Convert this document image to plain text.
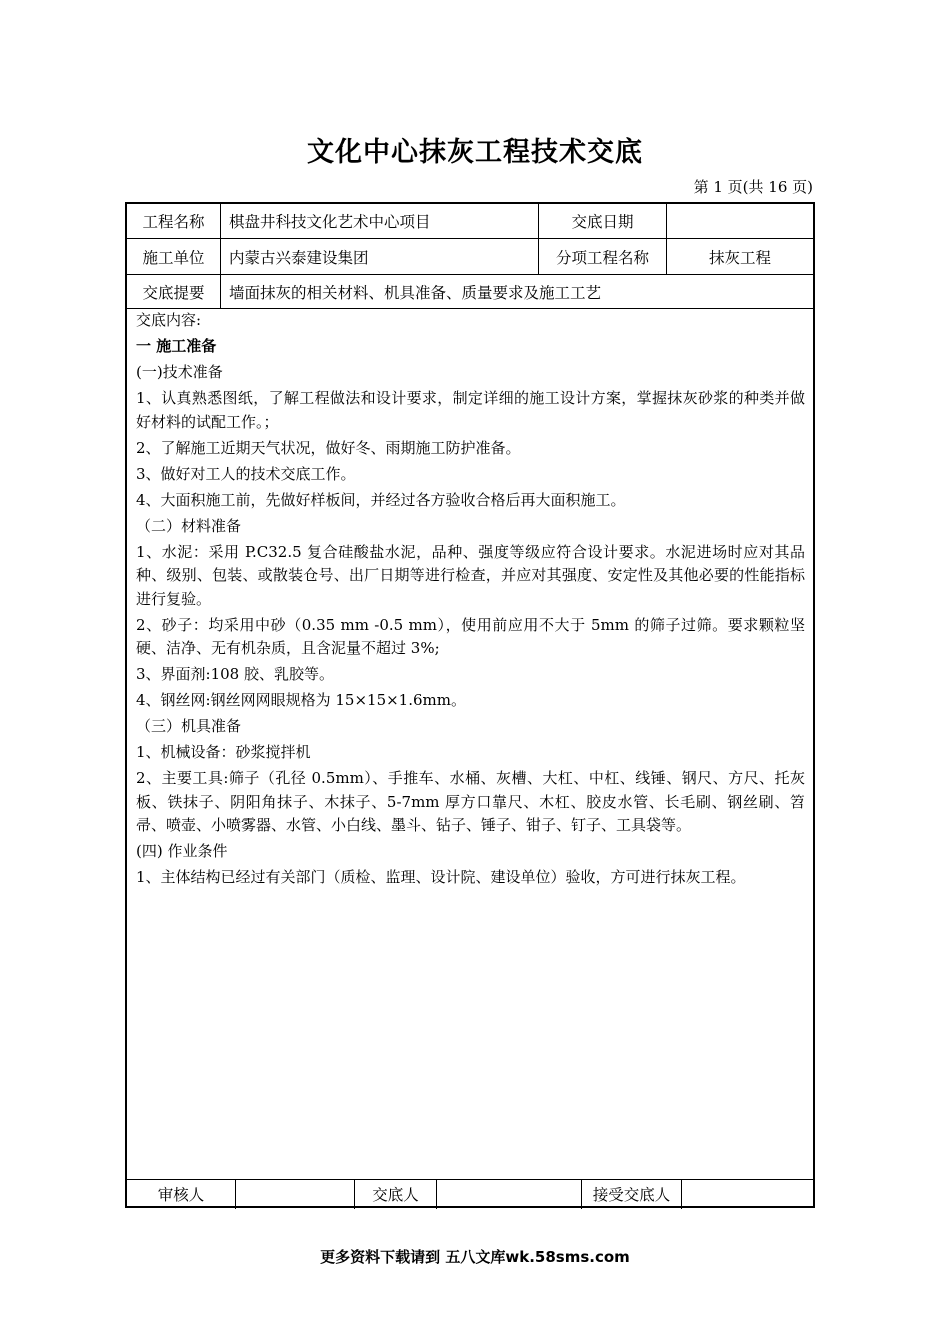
文化中心抹灰工程技术交底
第 1 页(共 16 页)
工程名称	棋盘井科技文化艺术中心项目	交底日期
施工单位	内蒙古兴泰建设集团	分项工程名称	抹灰工程
交底提要	墙面抹灰的相关材料、机具准备、质量要求及施工工艺

交底内容:

一 施工准备

(一)技术准备

1、认真熟悉图纸，了解工程做法和设计要求，制定详细的施工设计方案，掌握抹灰砂浆的种类并做好材料的试配工作。；

2、了解施工近期天气状况，做好冬、雨期施工防护准备。

3、做好对工人的技术交底工作。

4、大面积施工前，先做好样板间，并经过各方验收合格后再大面积施工。

（二）材料准备

1、水泥：采用 P.C32.5 复合硅酸盐水泥，品种、强度等级应符合设计要求。水泥进场时应对其品种、级别、包装、或散装仓号、出厂日期等进行检查，并应对其强度、安定性及其他必要的性能指标进行复验。

2、砂子：均采用中砂（0.35 mm -0.5 mm），使用前应用不大于 5mm 的筛子过筛。要求颗粒坚硬、洁净、无有机杂质，且含泥量不超过 3%;

3、界面剂:108 胶、乳胶等。

4、钢丝网:钢丝网网眼规格为 15×15×1.6mm。

（三）机具准备

1、机械设备：砂浆搅拌机

2、主要工具:筛子（孔径 0.5mm）、手推车、水桶、灰槽、大杠、中杠、线锤、钢尺、方尺、托灰板、铁抹子、阴阳角抹子、木抹子、5-7mm 厚方口靠尺、木杠、胶皮水管、长毛刷、钢丝刷、笤帚、喷壶、小喷雾器、水管、小白线、墨斗、钻子、锤子、钳子、钉子、工具袋等。

(四) 作业条件

1、主体结构已经过有关部门（质检、监理、设计院、建设单位）验收，方可进行抹灰工程。

审核人	交底人	接受交底人
更多资料下载请到 五八文库wk.58sms.com
